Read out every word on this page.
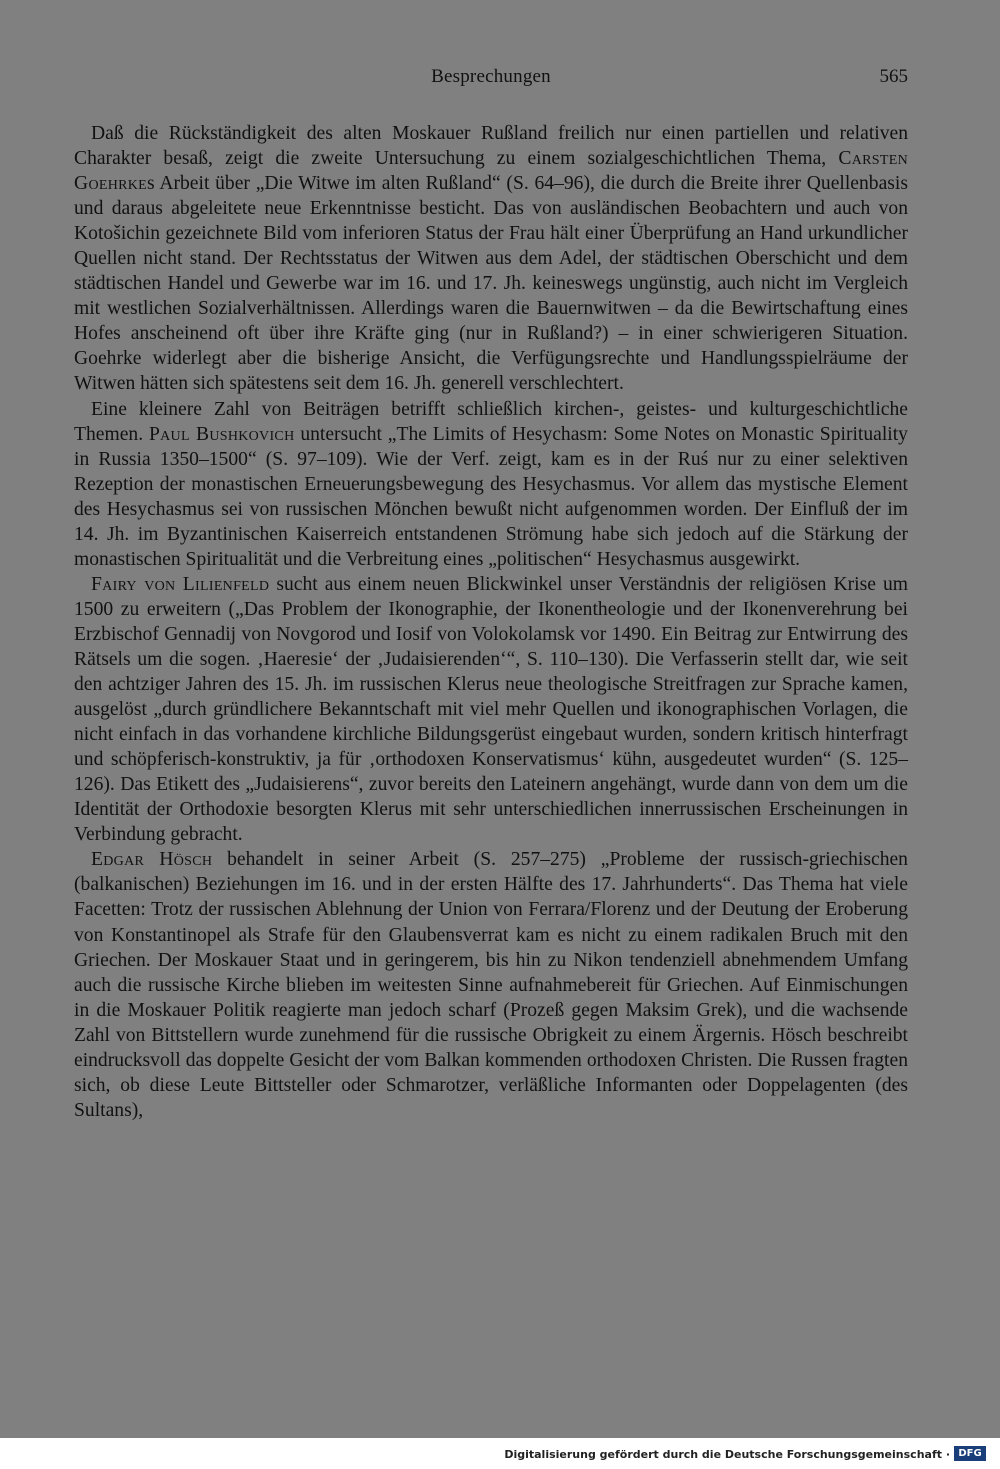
Besprechungen	565

Daß die Rückständigkeit des alten Moskauer Rußland freilich nur einen partiellen und relativen Charakter besaß, zeigt die zweite Untersuchung zu einem sozialgeschichtlichen Thema, Carsten Goehrkes Arbeit über „Die Witwe im alten Rußland“ (S. 64–96), die durch die Breite ihrer Quellenbasis und daraus abgeleitete neue Erkenntnisse besticht. Das von ausländischen Beobachtern und auch von Kotošichin gezeichnete Bild vom inferioren Status der Frau hält einer Überprüfung an Hand urkundlicher Quellen nicht stand. Der Rechtsstatus der Witwen aus dem Adel, der städtischen Oberschicht und dem städtischen Handel und Gewerbe war im 16. und 17. Jh. keineswegs ungünstig, auch nicht im Vergleich mit westlichen Sozialverhältnissen. Allerdings waren die Bauernwitwen – da die Bewirtschaftung eines Hofes anscheinend oft über ihre Kräfte ging (nur in Rußland?) – in einer schwierigeren Situation. Goehrke widerlegt aber die bisherige Ansicht, die Verfügungsrechte und Handlungsspielräume der Witwen hätten sich spätestens seit dem 16. Jh. generell verschlechtert.

Eine kleinere Zahl von Beiträgen betrifft schließlich kirchen-, geistes- und kulturgeschichtliche Themen. Paul Bushkovich untersucht „The Limits of Hesychasm: Some Notes on Monastic Spirituality in Russia 1350–1500“ (S. 97–109). Wie der Verf. zeigt, kam es in der Ruś nur zu einer selektiven Rezeption der monastischen Erneuerungsbewegung des Hesychasmus. Vor allem das mystische Element des Hesychasmus sei von russischen Mönchen bewußt nicht aufgenommen worden. Der Einfluß der im 14. Jh. im Byzantinischen Kaiserreich entstandenen Strömung habe sich jedoch auf die Stärkung der monastischen Spiritualität und die Verbreitung eines „politischen“ Hesychasmus ausgewirkt.

Fairy von Lilienfeld sucht aus einem neuen Blickwinkel unser Verständnis der religiösen Krise um 1500 zu erweitern („Das Problem der Ikonographie, der Ikonentheologie und der Ikonenverehrung bei Erzbischof Gennadij von Novgorod und Iosif von Volokolamsk vor 1490. Ein Beitrag zur Entwirrung des Rätsels um die sogen. ‚Haeresie‘ der ‚Judaisierenden‘“, S. 110–130). Die Verfasserin stellt dar, wie seit den achtziger Jahren des 15. Jh. im russischen Klerus neue theologische Streitfragen zur Sprache kamen, ausgelöst „durch gründlichere Bekanntschaft mit viel mehr Quellen und ikonographischen Vorlagen, die nicht einfach in das vorhandene kirchliche Bildungsgerüst eingebaut wurden, sondern kritisch hinterfragt und schöpferisch-konstruktiv, ja für ‚orthodoxen Konservatismus‘ kühn, ausgedeutet wurden“ (S. 125–126). Das Etikett des „Judaisierens“, zuvor bereits den Lateinern angehängt, wurde dann von dem um die Identität der Orthodoxie besorgten Klerus mit sehr unterschiedlichen innerrussischen Erscheinungen in Verbindung gebracht.

Edgar Hösch behandelt in seiner Arbeit (S. 257–275) „Probleme der russisch-griechischen (balkanischen) Beziehungen im 16. und in der ersten Hälfte des 17. Jahrhunderts“. Das Thema hat viele Facetten: Trotz der russischen Ablehnung der Union von Ferrara/Florenz und der Deutung der Eroberung von Konstantinopel als Strafe für den Glaubensverrat kam es nicht zu einem radikalen Bruch mit den Griechen. Der Moskauer Staat und in geringerem, bis hin zu Nikon tendenziell abnehmendem Umfang auch die russische Kirche blieben im weitesten Sinne aufnahmebereit für Griechen. Auf Einmischungen in die Moskauer Politik reagierte man jedoch scharf (Prozeß gegen Maksim Grek), und die wachsende Zahl von Bittstellern wurde zunehmend für die russische Obrigkeit zu einem Ärgernis. Hösch beschreibt eindrucksvoll das doppelte Gesicht der vom Balkan kommenden orthodoxen Christen. Die Russen fragten sich, ob diese Leute Bittsteller oder Schmarotzer, verläßliche Informanten oder Doppelagenten (des Sultans),

Digitalisierung gefördert durch die Deutsche Forschungsgemeinschaft · DFG
